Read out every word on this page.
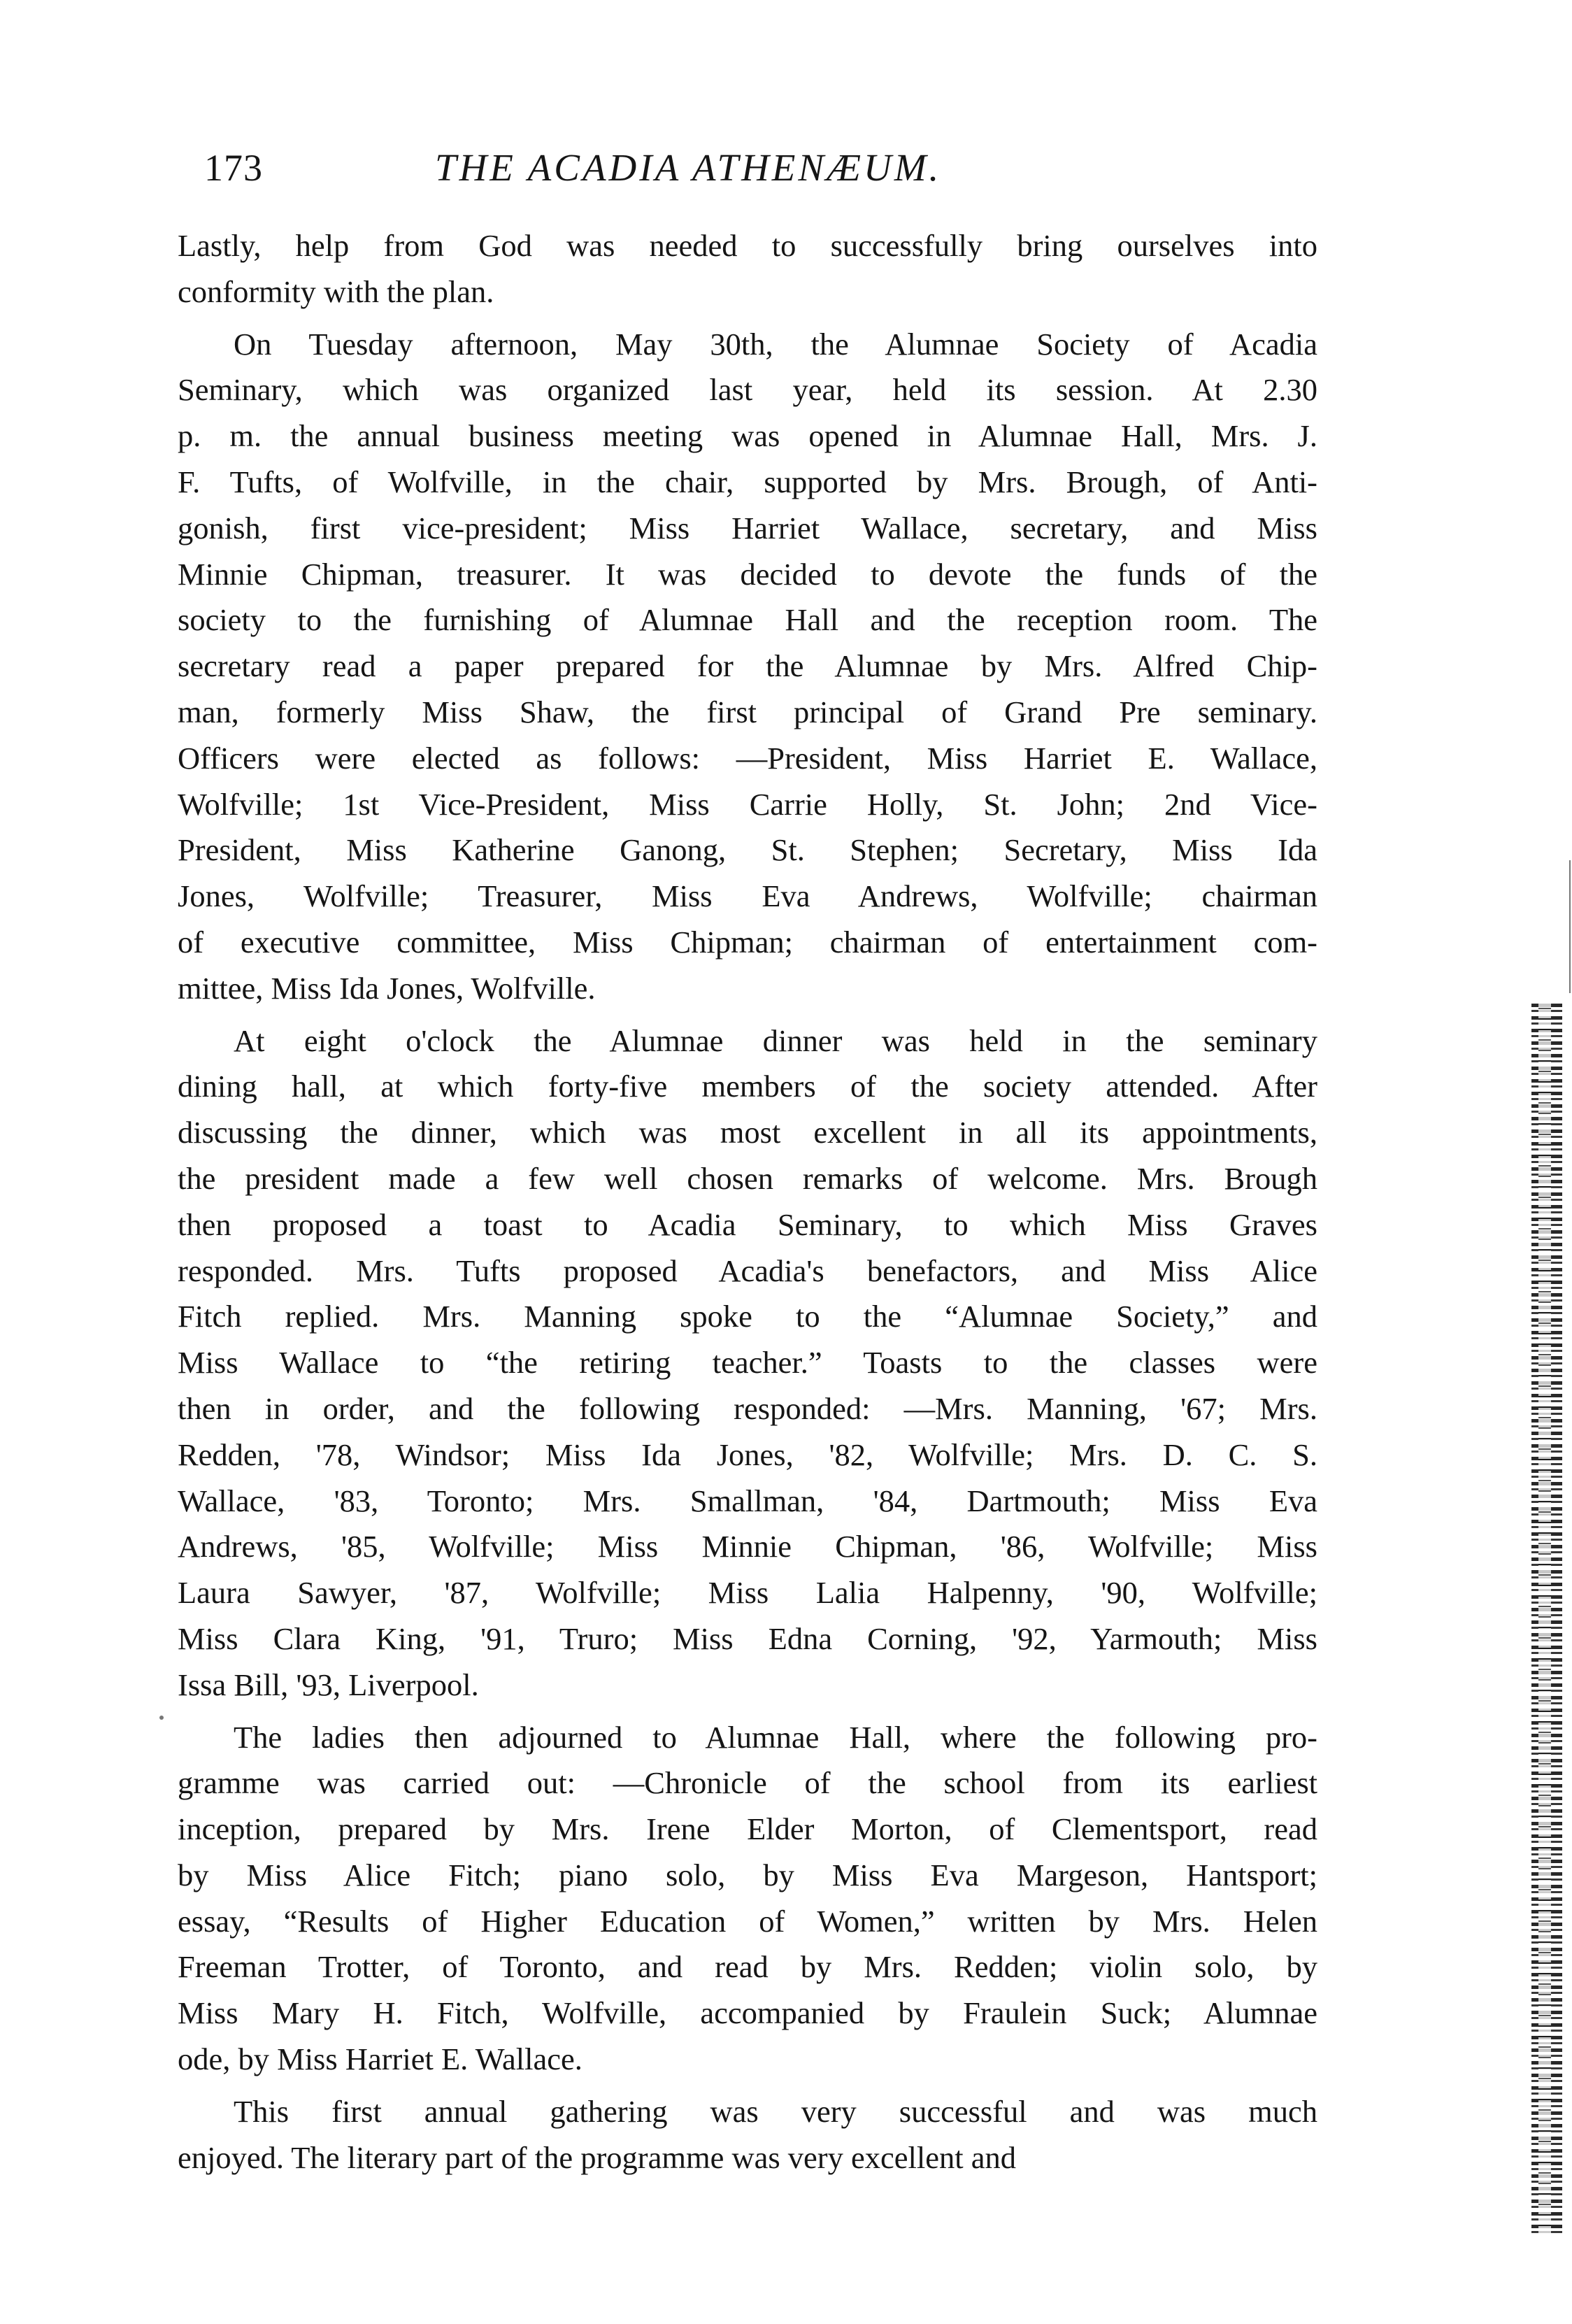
173	THE ACADIA ATHENÆUM.
Lastly, help from God was needed to successfully bring ourselves into
conformity with the plan.
On Tuesday afternoon, May 30th, the Alumnae Society of Acadia
Seminary, which was organized last year, held its session. At 2.30
p. m. the annual business meeting was opened in Alumnae Hall, Mrs. J.
F. Tufts, of Wolfville, in the chair, supported by Mrs. Brough, of Anti-
gonish, first vice-president; Miss Harriet Wallace, secretary, and Miss
Minnie Chipman, treasurer. It was decided to devote the funds of the
society to the furnishing of Alumnae Hall and the reception room. The
secretary read a paper prepared for the Alumnae by Mrs. Alfred Chip-
man, formerly Miss Shaw, the first principal of Grand Pre seminary.
Officers were elected as follows: —President, Miss Harriet E. Wallace,
Wolfville; 1st Vice-President, Miss Carrie Holly, St. John; 2nd Vice-
President, Miss Katherine Ganong, St. Stephen; Secretary, Miss Ida
Jones, Wolfville; Treasurer, Miss Eva Andrews, Wolfville; chairman
of executive committee, Miss Chipman; chairman of entertainment com-
mittee, Miss Ida Jones, Wolfville.
At eight o'clock the Alumnae dinner was held in the seminary
dining hall, at which forty-five members of the society attended. After
discussing the dinner, which was most excellent in all its appointments,
the president made a few well chosen remarks of welcome. Mrs. Brough
then proposed a toast to Acadia Seminary, to which Miss Graves
responded. Mrs. Tufts proposed Acadia's benefactors, and Miss Alice
Fitch replied. Mrs. Manning spoke to the “Alumnae Society,” and
Miss Wallace to “the retiring teacher.” Toasts to the classes were
then in order, and the following responded: —Mrs. Manning, '67; Mrs.
Redden, '78, Windsor; Miss Ida Jones, '82, Wolfville; Mrs. D. C. S.
Wallace, '83, Toronto; Mrs. Smallman, '84, Dartmouth; Miss Eva
Andrews, '85, Wolfville; Miss Minnie Chipman, '86, Wolfville; Miss
Laura Sawyer, '87, Wolfville; Miss Lalia Halpenny, '90, Wolfville;
Miss Clara King, '91, Truro; Miss Edna Corning, '92, Yarmouth; Miss
Issa Bill, '93, Liverpool.
The ladies then adjourned to Alumnae Hall, where the following pro-
gramme was carried out: —Chronicle of the school from its earliest
inception, prepared by Mrs. Irene Elder Morton, of Clementsport, read
by Miss Alice Fitch; piano solo, by Miss Eva Margeson, Hantsport;
essay, “Results of Higher Education of Women,” written by Mrs. Helen
Freeman Trotter, of Toronto, and read by Mrs. Redden; violin solo, by
Miss Mary H. Fitch, Wolfville, accompanied by Fraulein Suck; Alumnae
ode, by Miss Harriet E. Wallace.
This first annual gathering was very successful and was much
enjoyed. The literary part of the programme was very excellent and
